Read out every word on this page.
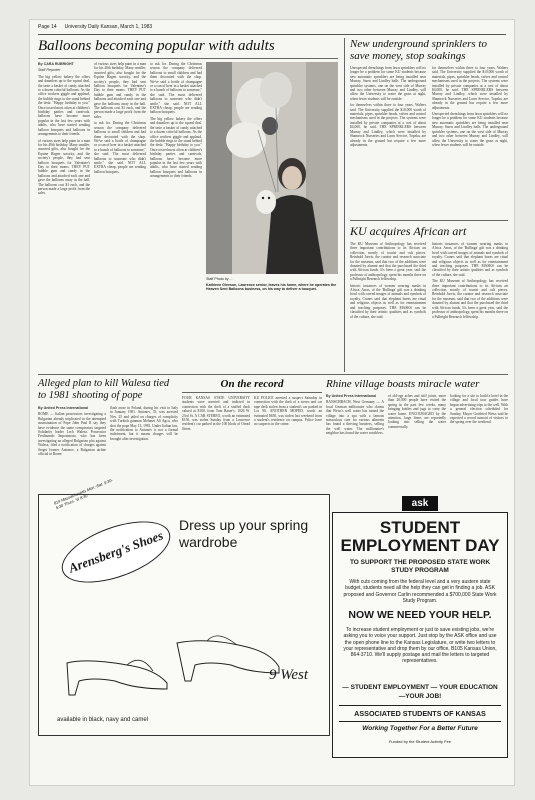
Page 14 University Daily Kansan, March 1, 1983
Balloons becoming popular with adults

By CARA RUBRIGHT

Staff Reporter

The big yellow bakery the offers and dauntless up to the squeal deal, the taste a basket of candy attached to a dozen colorful balloons. As the office workers giggle and applaud, the bubble rings to the stand behind the desk: "Happy birthday to you." Once tossed most often at children's birthday parties and carnivals, balloons have become more popular in the last few years with adults, who have started sending balloon bouquets and balloons in arrangements to their friends.

of various sizes help paint in a man for his 40th birthday. Many smaller, assorted gifts, also bought for the Equine Hagen sorority, and the society's people, they had sent balloon bouquets for Valentine's Day to their moms. THEY PUT bubble gum and candy in the balloons and attached each one and gave the balloons away in the hall. The balloons cost $1 each, and the person made a large profit from the sales.

of various sizes help paint in a man for his 40th birthday. Many smaller, assorted gifts, also bought for the Equine Hagen sorority, and the society's people, they had sent balloon bouquets for Valentine's Day to their moms. THEY PUT bubble gum and candy in the balloons and attached each one and gave the balloons away in the hall. The balloons cost $1 each, and the person made a large profit from the sales.

to ask for. During the Christmas season the company delivered balloons to small children and had them decorated with the shop. We've said a bottle of champagne or a can of beer in a basket attached to a bunch of balloons to someone," she said. The most delivered balloons to someone who didn't smile," she said. NOT ALL EXTRA cheap, people are sending balloon bouquets.

to ask for. During the Christmas season the company delivered balloons to small children and had them decorated with the shop. We've said a bottle of champagne or a can of beer in a basket attached to a bunch of balloons to someone," she said. The most delivered balloons to someone who didn't smile," she said. NOT ALL EXTRA cheap, people are sending balloon bouquets.

The big yellow bakery the offers and dauntless up to the squeal deal, the taste a basket of candy attached to a dozen colorful balloons. As the office workers giggle and applaud, the bubble rings to the stand behind the desk: "Happy birthday to you." Once tossed most often at children's birthday parties and carnivals, balloons have become more popular in the last few years with adults, who have started sending balloon bouquets and balloons in arrangements to their friends.

Staff Photo by ...
Kathleen Gleeson, Lawrence senior, leaves his home, where he operates the Heaven Sent Balloons business, on his way to deliver a bouquet.
New underground sprinklers to save money, stop soakings

Unexpected drenchings from lawn sprinklers will no longer be a problem for some KU students because new automatic sprinklers are being installed near Murray, Snow and Lindley halls. The underground sprinkler systems, one on the west side of Murray and two other between Murray and Lindley, will allow the University to water the grass at night, when fewer students will be outside.

for themselves within three to four years, Walters said. The University supplied the $10,000 worth of materials, pipes, sprinkler heads, valves and control mechanisms used in the projects. The systems were installed by private companies at a cost of about $4,000, he said. THE SPRINKLERS between Murray and Lindley, which were installed by Shamrock Nurseries and Lawn Service, Topeka, are already in the ground but require a few more adjustments.

for themselves within three to four years, Walters said. The University supplied the $10,000 worth of materials, pipes, sprinkler heads, valves and control mechanisms used in the projects. The systems were installed by private companies at a cost of about $4,000, he said. THE SPRINKLERS between Murray and Lindley, which were installed by Shamrock Nurseries and Lawn Service, Topeka, are already in the ground but require a few more adjustments.

Unexpected drenchings from lawn sprinklers will no longer be a problem for some KU students because new automatic sprinklers are being installed near Murray, Snow and Lindley halls. The underground sprinkler systems, one on the west side of Murray and two other between Murray and Lindley, will allow the University to water the grass at night, when fewer students will be outside.

KU acquires African art

The KU Museum of Anthropology has received three important contributions to its African art collection, mostly of tourist and cult pieces. Reinhold Jarvis, the curator and research associate for the museum, said that two of the additions were donated by alumni and that the purchased the third with African funds. It's been a great year, said the professor of anthropology, spent his months there on a Fulbright Research fellowship.

historic instances of women wearing masks in Africa. Arras, of the 'Bullinga' gift was a drinking bowl with carved images of animals and symbols of royalty. Cranes said that elephant horns are ritual and religious objects as well as for entertainment and teaching purposes. THE MASKS can be classified by their artistic qualities and as symbols of the culture, she said.

historic instances of women wearing masks in Africa. Arras, of the 'Bullinga' gift was a drinking bowl with carved images of animals and symbols of royalty. Cranes said that elephant horns are ritual and religious objects as well as for entertainment and teaching purposes. THE MASKS can be classified by their artistic qualities and as symbols of the culture, she said.

The KU Museum of Anthropology has received three important contributions to its African art collection, mostly of tourist and cult pieces. Reinhold Jarvis, the curator and research associate for the museum, said that two of the additions were donated by alumni and that the purchased the third with African funds. It's been a great year, said the professor of anthropology, spent his months there on a Fulbright Research fellowship.

Alleged plan to kill Walesa tied to 1981 shooting of pope

By United Press International

ROME — Italian prosecutors investigating a Bulgarian already implicated in the attempted assassination of Pope John Paul II say they have evidence the same conspirators targeted Solidarity leader Lech Walesa. Prosecutor Ferdinando Imposimato, who has been investigating an alleged Bulgarian plot against Walesa, filed a notification of charges against Sergei Ivanov Antonov, a Bulgarian airline official in Rome.

flash arose in Poland, during his visit to Italy in January 1981. Antonov, 35, was arrested Nov. 25 and jailed on charges of complicity with Turkish gunman Mehmet Ali Agca, who shot the pope May 13, 1981. Under Italian law, the notification to Antonov is not a formal indictment, but it means charges will be brought after investigation.

On the record

FOUR KANSAS STATE UNIVERSITY students were arrested and indicted in connection with the theft of a stuffed duck valued at $100, from Tom Bauer's, 1026 W. 23rd St. A CAR STEREO, worth an estimated $150, was stolen Sunday from a Lawrence resident's car parked in the 100 block of Oread Street.

KU POLICE arrested a suspect Saturday in connection with the theft of a stereo and car tape deck stolen from a student's car parked in Lot 90. ANOTHER MOPED, worth an estimated $650, was stolen last weekend from a student's residence on campus. Police have no suspects in the crime.

Rhine village boasts miracle water

By United Press International

BANSCHBACH, West Germany — A local German millionaire who claims that Weiss's well water has turned the village into a spa with a famous miraculous cure for various ailments has found a thriving business, selling the well water. The millionaire's neighbor has found the water worthless.

of old-age aches and stiff joints, more than 20,000 people have visited the spring in the past few weeks, many bringing bottles and jugs to carry the water home. ENCOURAGED by the attention, large firms are reportedly looking into selling the water commercially.

looking for a site to build a hotel in the village and local tour guides have begun advertising trips to the well. With a general election scheduled for Sunday, Mayor Gottfried Weiss said he expected a record turnout of visitors to the spring over the weekend.

819 Massachusetts Mon.-Sat. 9:30-5:30 Thurs. 'til 8:30
Arensberg's Shoes
Dress up your spring wardrobe
9 West
available in black, navy and camel
ask
STUDENT EMPLOYMENT DAY
TO SUPPORT THE PROPOSED STATE WORK STUDY PROGRAM
With cuts coming from the federal level and a very austere state budget, students need all the help they can get in finding a job. ASK proposed and Governor Carlin recommended a $700,000 State Work Study Program.
NOW WE NEED YOUR HELP.
To increase student employment or just to save existing jobs, we're asking you to voice your support. Just stop by the ASK office and use the open phone line to the Kansas Legislature, or write two letters to your representative and drop them by our office, B105 Kansas Union, 864-3710. We'll supply postage and mail the letters to targeted representatives.
— STUDENT EMPLOYMENT — YOUR EDUCATION—YOUR JOB!
ASSOCIATED STUDENTS OF KANSAS
Working Together For a Better Future
Funded by the Student Activity Fee
